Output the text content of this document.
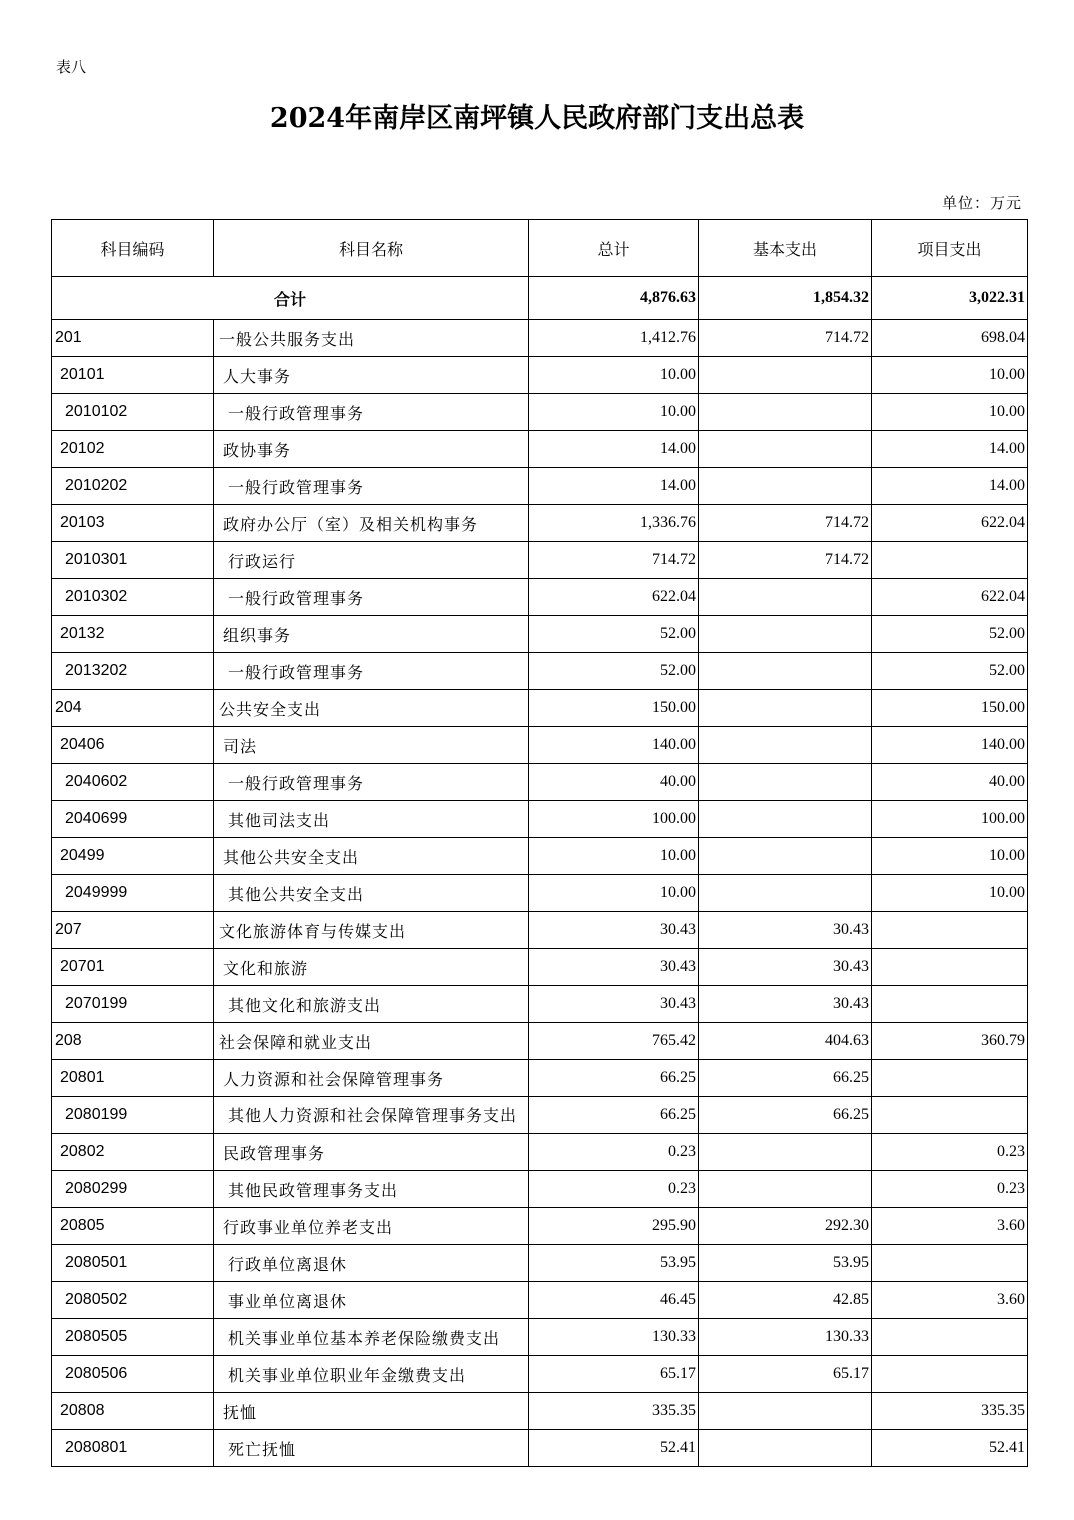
表八
2024年南岸区南坪镇人民政府部门支出总表
单位：万元
科目编码	科目名称	总计	基本支出	项目支出
合计		4,876.63	1,854.32	3,022.31
201	一般公共服务支出	1,412.76	714.72	698.04
20101	人大事务	10.00		10.00
2010102	一般行政管理事务	10.00		10.00
20102	政协事务	14.00		14.00
2010202	一般行政管理事务	14.00		14.00
20103	政府办公厅（室）及相关机构事务	1,336.76	714.72	622.04
2010301	行政运行	714.72	714.72	
2010302	一般行政管理事务	622.04		622.04
20132	组织事务	52.00		52.00
2013202	一般行政管理事务	52.00		52.00
204	公共安全支出	150.00		150.00
20406	司法	140.00		140.00
2040602	一般行政管理事务	40.00		40.00
2040699	其他司法支出	100.00		100.00
20499	其他公共安全支出	10.00		10.00
2049999	其他公共安全支出	10.00		10.00
207	文化旅游体育与传媒支出	30.43	30.43	
20701	文化和旅游	30.43	30.43	
2070199	其他文化和旅游支出	30.43	30.43	
208	社会保障和就业支出	765.42	404.63	360.79
20801	人力资源和社会保障管理事务	66.25	66.25	
2080199	其他人力资源和社会保障管理事务支出	66.25	66.25	
20802	民政管理事务	0.23		0.23
2080299	其他民政管理事务支出	0.23		0.23
20805	行政事业单位养老支出	295.90	292.30	3.60
2080501	行政单位离退休	53.95	53.95	
2080502	事业单位离退休	46.45	42.85	3.60
2080505	机关事业单位基本养老保险缴费支出	130.33	130.33	
2080506	机关事业单位职业年金缴费支出	65.17	65.17	
20808	抚恤	335.35		335.35
2080801	死亡抚恤	52.41		52.41
